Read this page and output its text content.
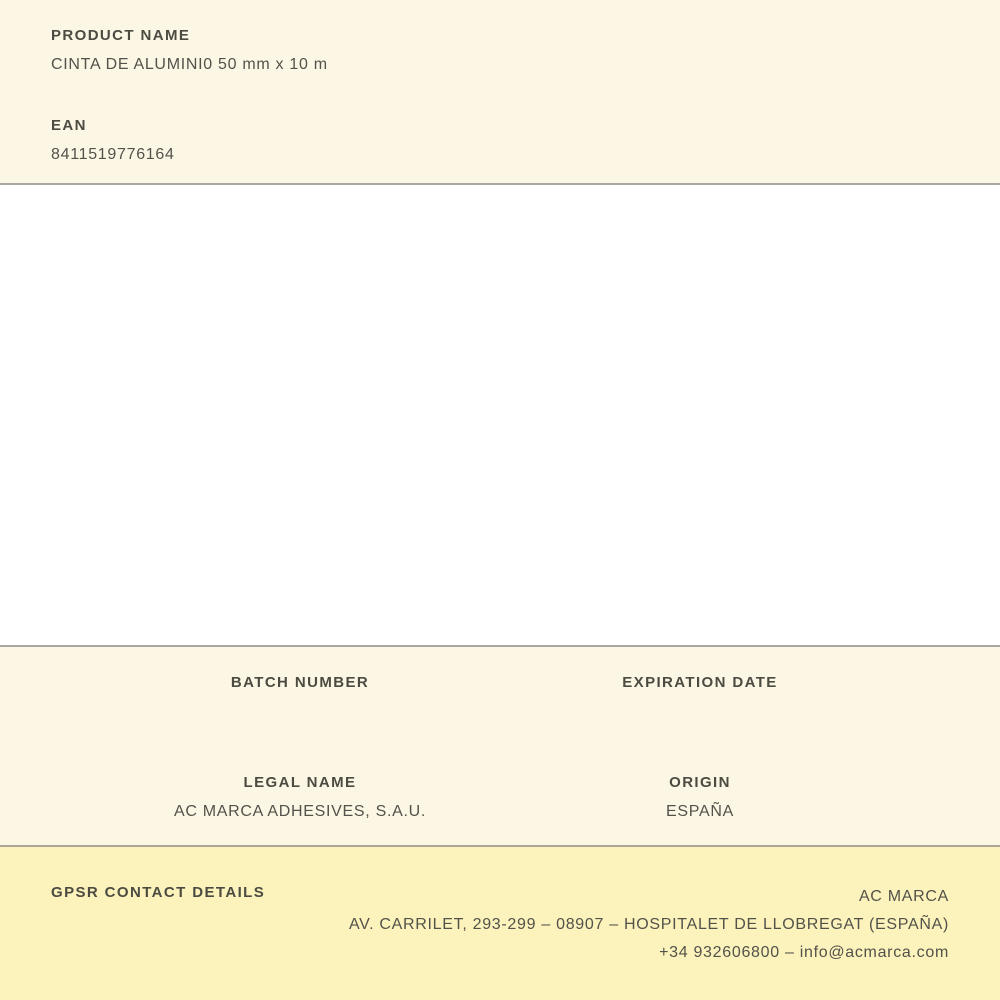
PRODUCT NAME
CINTA DE ALUMINI0 50 mm x 10 m
EAN
8411519776164
BATCH NUMBER	EXPIRATION DATE
LEGAL NAME
AC MARCA ADHESIVES, S.A.U.
ORIGIN
ESPAÑA
GPSR CONTACT DETAILS	AC MARCA
AV. CARRILET, 293-299 – 08907 – HOSPITALET DE LLOBREGAT (ESPAÑA)
+34 932606800 – info@acmarca.com
